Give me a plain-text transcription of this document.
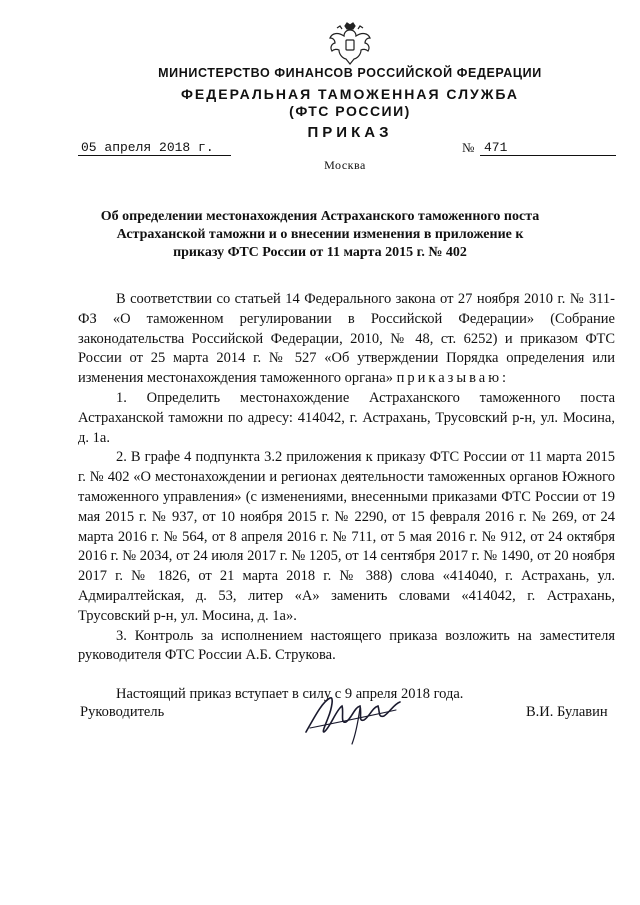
МИНИСТЕРСТВО ФИНАНСОВ РОССИЙСКОЙ ФЕДЕРАЦИИ
ФЕДЕРАЛЬНАЯ ТАМОЖЕННАЯ СЛУЖБА
(ФТС РОССИИ)
ПРИКАЗ
05 апреля 2018 г.	№ 471
Москва
Об определении местонахождения Астраханского таможенного поста Астраханской таможни и о внесении изменения в приложение к приказу ФТС России от 11 марта 2015 г. № 402

В соответствии со статьей 14 Федерального закона от 27 ноября 2010 г. № 311-ФЗ «О таможенном регулировании в Российской Федерации» (Собрание законодательства Российской Федерации, 2010, № 48, ст. 6252) и приказом ФТС России от 25 марта 2014 г. № 527 «Об утверждении Порядка определения или изменения местонахождения таможенного органа» приказываю:

1. Определить местонахождение Астраханского таможенного поста Астраханской таможни по адресу: 414042, г. Астрахань, Трусовский р-н, ул. Мосина, д. 1а.

2. В графе 4 подпункта 3.2 приложения к приказу ФТС России от 11 марта 2015 г. № 402 «О местонахождении и регионах деятельности таможенных органов Южного таможенного управления» (с изменениями, внесенными приказами ФТС России от 19 мая 2015 г. № 937, от 10 ноября 2015 г. № 2290, от 15 февраля 2016 г. № 269, от 24 марта 2016 г. № 564, от 8 апреля 2016 г. № 711, от 5 мая 2016 г. № 912, от 24 октября 2016 г. № 2034, от 24 июля 2017 г. № 1205, от 14 сентября 2017 г. № 1490, от 20 ноября 2017 г. № 1826, от 21 марта 2018 г. № 388) слова «414040, г. Астрахань, ул. Адмиралтейская, д. 53, литер «А» заменить словами «414042, г. Астрахань, Трусовский р-н, ул. Мосина, д. 1а».

3. Контроль за исполнением настоящего приказа возложить на заместителя руководителя ФТС России А.Б. Струкова.

Настоящий приказ вступает в силу с 9 апреля 2018 года.

Руководитель	В.И. Булавин
